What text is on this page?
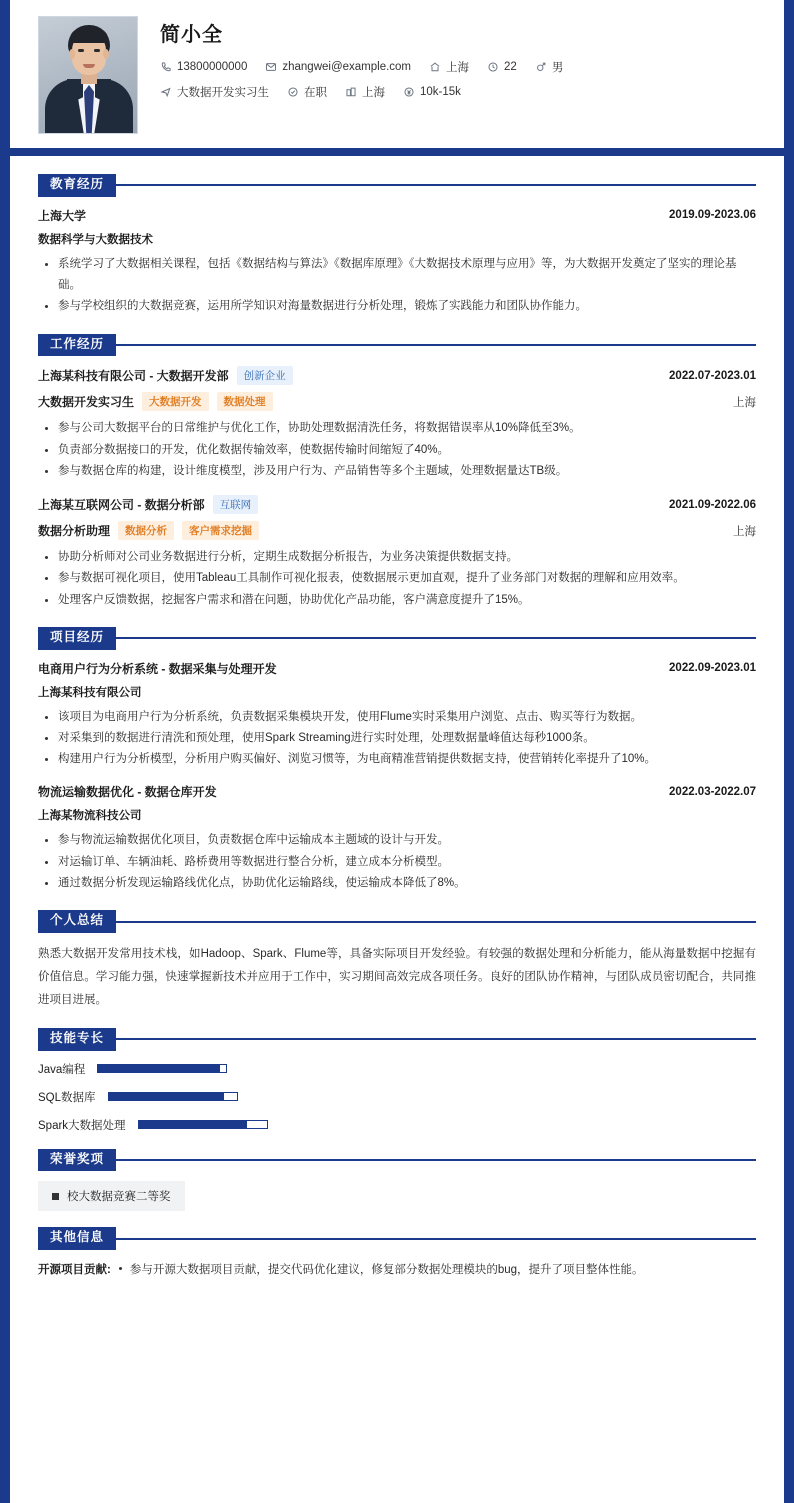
简小全
13800000000	zhangwei@example.com	上海	22	男
大数据开发实习生	在职	上海	10k-15k
教育经历
上海大学	2019.09-2023.06
数据科学与大数据技术
系统学习了大数据相关课程，包括《数据结构与算法》《数据库原理》《大数据技术原理与应用》等，为大数据开发奠定了坚实的理论基础。
参与学校组织的大数据竞赛，运用所学知识对海量数据进行分析处理，锻炼了实践能力和团队协作能力。
工作经历
上海某科技有限公司 - 大数据开发部	创新企业	2022.07-2023.01
大数据开发实习生	大数据开发	数据处理	上海
参与公司大数据平台的日常维护与优化工作，协助处理数据清洗任务，将数据错误率从10%降低至3%。
负责部分数据接口的开发，优化数据传输效率，使数据传输时间缩短了40%。
参与数据仓库的构建，设计维度模型，涉及用户行为、产品销售等多个主题域，处理数据量达TB级。
上海某互联网公司 - 数据分析部	互联网	2021.09-2022.06
数据分析助理	数据分析	客户需求挖掘	上海
协助分析师对公司业务数据进行分析，定期生成数据分析报告，为业务决策提供数据支持。
参与数据可视化项目，使用Tableau工具制作可视化报表，使数据展示更加直观，提升了业务部门对数据的理解和应用效率。
处理客户反馈数据，挖掘客户需求和潜在问题，协助优化产品功能，客户满意度提升了15%。
项目经历
电商用户行为分析系统 - 数据采集与处理开发	2022.09-2023.01
上海某科技有限公司
该项目为电商用户行为分析系统，负责数据采集模块开发，使用Flume实时采集用户浏览、点击、购买等行为数据。
对采集到的数据进行清洗和预处理，使用Spark Streaming进行实时处理，处理数据量峰值达每秒1000条。
构建用户行为分析模型，分析用户购买偏好、浏览习惯等，为电商精准营销提供数据支持，使营销转化率提升了10%。
物流运输数据优化 - 数据仓库开发	2022.03-2022.07
上海某物流科技公司
参与物流运输数据优化项目，负责数据仓库中运输成本主题域的设计与开发。
对运输订单、车辆油耗、路桥费用等数据进行整合分析，建立成本分析模型。
通过数据分析发现运输路线优化点，协助优化运输路线，使运输成本降低了8%。
个人总结
熟悉大数据开发常用技术栈，如Hadoop、Spark、Flume等，具备实际项目开发经验。有较强的数据处理和分析能力，能从海量数据中挖掘有价值信息。学习能力强，快速掌握新技术并应用于工作中，实习期间高效完成各项任务。良好的团队协作精神，与团队成员密切配合，共同推进项目进展。
技能专长
Java编程
SQL数据库
Spark大数据处理
荣誉奖项
校大数据竞赛二等奖
其他信息
开源项目贡献: 参与开源大数据项目贡献，提交代码优化建议，修复部分数据处理模块的bug，提升了项目整体性能。
